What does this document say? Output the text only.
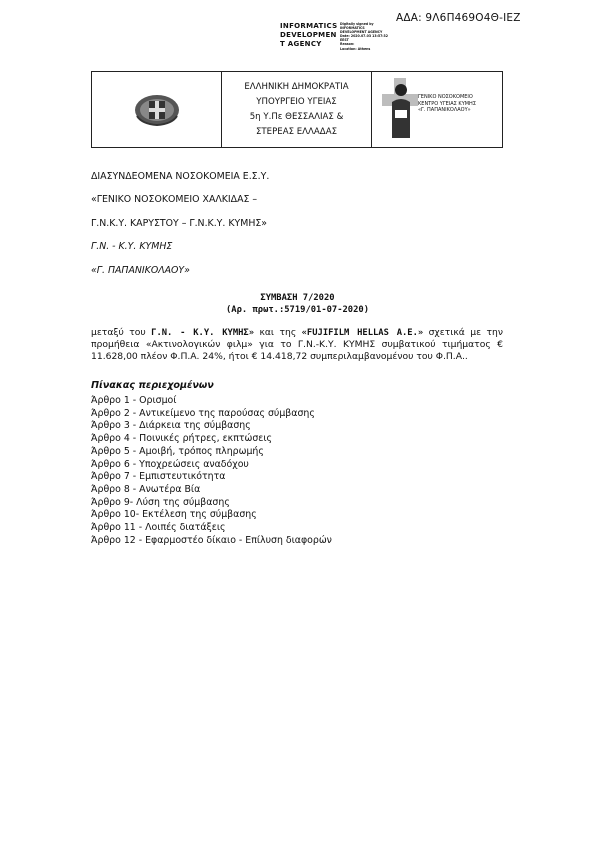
ΑΔΑ: 9Λ6Π469Ο4Θ-ΙΕΖ
INFORMATICS
DEVELOPMEN
T AGENCY
Digitally signed by
INFORMATICS
DEVELOPMENT AGENCY
Date: 2020.07.03 13:57:32
EEST
Reason:
Location: Athens
ΕΛΛΗΝΙΚΗ ΔΗΜΟΚΡΑΤΙΑ
ΥΠΟΥΡΓΕΙΟ ΥΓΕΙΑΣ
5η Υ.Πε ΘΕΣΣΑΛΙΑΣ &
ΣΤΕΡΕΑΣ ΕΛΛΑΔΑΣ
ΓΕΝΙΚΟ ΝΟΣΟΚΟΜΕΙΟ
ΚΕΝΤΡΟ ΥΓΕΙΑΣ ΚΥΜΗΣ
«Γ. ΠΑΠΑΝΙΚΟΛΑΟΥ»
ΔΙΑΣΥΝΔΕΟΜΕΝΑ ΝΟΣΟΚΟΜΕΙΑ Ε.Σ.Υ.
«ΓΕΝΙΚΟ ΝΟΣΟΚΟΜΕΙΟ ΧΑΛΚΙΔΑΣ –
Γ.Ν.Κ.Υ. ΚΑΡΥΣΤΟΥ – Γ.Ν.Κ.Υ. ΚΥΜΗΣ»
Γ.Ν. - Κ.Υ. ΚΥΜΗΣ
«Γ. ΠΑΠΑΝΙΚΟΛΑΟΥ»
ΣΥΜΒΑΣΗ 7/2020
(Αρ. πρωτ.:5719/01-07-2020)
μεταξύ του Γ.Ν. - Κ.Υ. ΚΥΜΗΣ» και της «FUJIFILM HELLAS Α.Ε.» σχετικά με την προμήθεια «Ακτινολογικών φιλμ» για το Γ.Ν.-Κ.Υ. ΚΥΜΗΣ συμβατικού τιμήματος € 11.628,00 πλέον Φ.Π.Α. 24%, ήτοι € 14.418,72 συμπεριλαμβανομένου του Φ.Π.Α..
Πίνακας περιεχομένων
Άρθρο 1 - Ορισμοί
Άρθρο 2 - Αντικείμενο της παρούσας σύμβασης
Άρθρο 3 - Διάρκεια της σύμβασης
Άρθρο 4 - Ποινικές ρήτρες, εκπτώσεις
Άρθρο 5 - Αμοιβή, τρόπος πληρωμής
Άρθρο 6 - Υποχρεώσεις αναδόχου
Άρθρο 7 - Εμπιστευτικότητα
Άρθρο 8 - Ανωτέρα Βία
Άρθρο 9- Λύση της σύμβασης
Άρθρο 10- Εκτέλεση της σύμβασης
Άρθρο 11 - Λοιπές διατάξεις
Άρθρο 12 - Εφαρμοστέο δίκαιο - Επίλυση διαφορών
